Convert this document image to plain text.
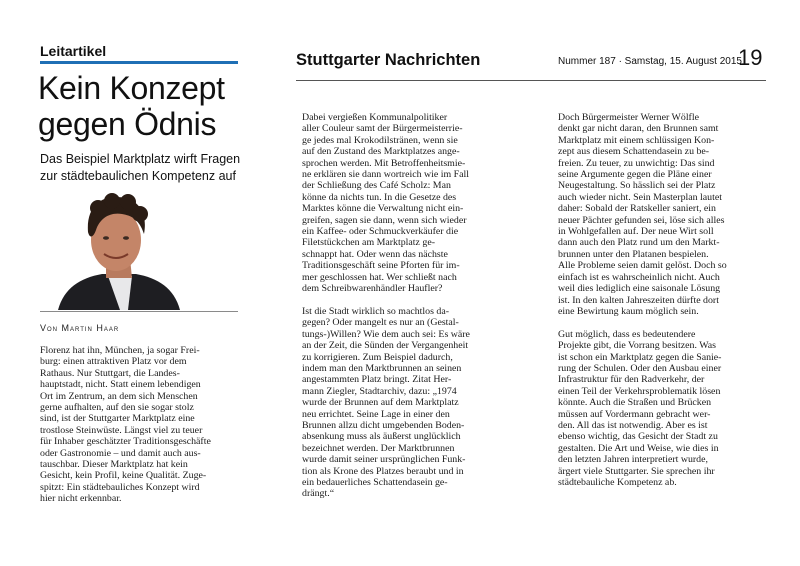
Leitartikel
Kein Konzept gegen Ödnis
Das Beispiel Marktplatz wirft Fragen zur städtebaulichen Kompetenz auf
Von Martin Haar
Florenz hat ihn, München, ja sogar Frei-
burg: einen attraktiven Platz vor dem
Rathaus. Nur Stuttgart, die Landes-
hauptstadt, nicht. Statt einem lebendigen
Ort im Zentrum, an dem sich Menschen
gerne aufhalten, auf den sie sogar stolz
sind, ist der Stuttgarter Marktplatz eine
trostlose Steinwüste. Längst viel zu teuer
für Inhaber geschätzter Traditionsgeschäfte
oder Gastronomie – und damit auch aus-
tauschbar. Dieser Marktplatz hat kein
Gesicht, kein Profil, keine Qualität. Zuge-
spitzt: Ein städtebauliches Konzept wird
hier nicht erkennbar.
Dabei vergießen Kommunalpolitiker
aller Couleur samt der Bürgermeisterrie-
ge jedes mal Krokodilstränen, wenn sie
auf den Zustand des Marktplatzes ange-
sprochen werden. Mit Betroffenheitsmie-
ne erklären sie dann wortreich wie im Fall
der Schließung des Café Scholz: Man
könne da nichts tun. In die Gesetze des
Marktes könne die Verwaltung nicht ein-
greifen, sagen sie dann, wenn sich wieder
ein Kaffee- oder Schmuckverkäufer die
Filetstückchen am Marktplatz ge-
schnappt hat. Oder wenn das nächste
Traditionsgeschäft seine Pforten für im-
mer geschlossen hat. Wer schließt nach
dem Schreibwarenhändler Haufler?

Ist die Stadt wirklich so machtlos da-
gegen? Oder mangelt es nur an (Gestal-
tungs-)Willen? Wie dem auch sei: Es wäre
an der Zeit, die Sünden der Vergangenheit
zu korrigieren. Zum Beispiel dadurch,
indem man den Marktbrunnen an seinen
angestammten Platz bringt. Zitat Her-
mann Ziegler, Stadtarchiv, dazu: „1974
wurde der Brunnen auf dem Marktplatz
neu errichtet. Seine Lage in einer den
Brunnen allzu dicht umgebenden Boden-
absenkung muss als äußerst unglücklich
bezeichnet werden. Der Marktbrunnen
wurde damit seiner ursprünglichen Funk-
tion als Krone des Platzes beraubt und in
ein bedauerliches Schattendasein ge-
drängt.“
Doch Bürgermeister Werner Wölfle
denkt gar nicht daran, den Brunnen samt
Marktplatz mit einem schlüssigen Kon-
zept aus diesem Schattendasein zu be-
freien. Zu teuer, zu unwichtig: Das sind
seine Argumente gegen die Pläne einer
Neugestaltung. So hässlich sei der Platz
auch wieder nicht. Sein Masterplan lautet
daher: Sobald der Ratskeller saniert, ein
neuer Pächter gefunden sei, löse sich alles
in Wohlgefallen auf. Der neue Wirt soll
dann auch den Platz rund um den Markt-
brunnen unter den Platanen bespielen.
Alle Probleme seien damit gelöst. Doch so
einfach ist es wahrscheinlich nicht. Auch
weil dies lediglich eine saisonale Lösung
ist. In den kalten Jahreszeiten dürfte dort
eine Bewirtung kaum möglich sein.

Gut möglich, dass es bedeutendere
Projekte gibt, die Vorrang besitzen. Was
ist schon ein Marktplatz gegen die Sanie-
rung der Schulen. Oder den Ausbau einer
Infrastruktur für den Radverkehr, der
einen Teil der Verkehrsproblematik lösen
könnte. Auch die Straßen und Brücken
müssen auf Vordermann gebracht wer-
den. All das ist notwendig. Aber es ist
ebenso wichtig, das Gesicht der Stadt zu
gestalten. Die Art und Weise, wie dies in
den letzten Jahren interpretiert wurde,
ärgert viele Stuttgarter. Sie sprechen ihr
städtebauliche Kompetenz ab.
Stuttgarter Nachrichten	Nummer 187 · Samstag, 15. August 2015
19
